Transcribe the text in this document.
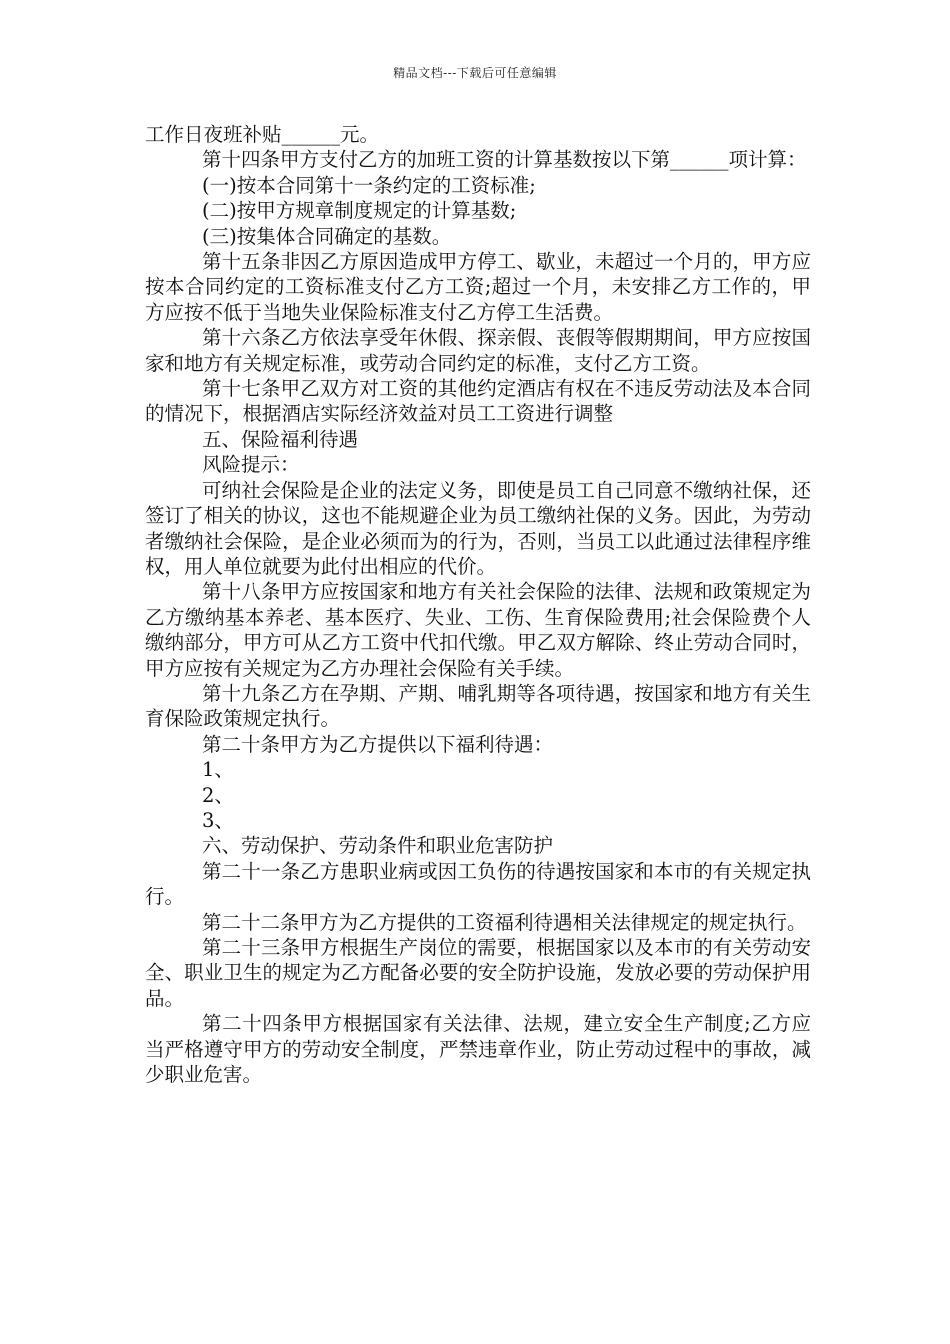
精品文档---下载后可任意编辑

工作日夜班补贴______元。

第十四条甲方支付乙方的加班工资的计算基数按以下第______项计算：

(一)按本合同第十一条约定的工资标准;

(二)按甲方规章制度规定的计算基数;

(三)按集体合同确定的基数。

第十五条非因乙方原因造成甲方停工、歇业，未超过一个月的，甲方应按本合同约定的工资标准支付乙方工资;超过一个月，未安排乙方工作的，甲方应按不低于当地失业保险标准支付乙方停工生活费。

第十六条乙方依法享受年休假、探亲假、丧假等假期期间，甲方应按国家和地方有关规定标准，或劳动合同约定的标准，支付乙方工资。

第十七条甲乙双方对工资的其他约定酒店有权在不违反劳动法及本合同的情况下，根据酒店实际经济效益对员工工资进行调整

五、保险福利待遇

风险提示：

可纳社会保险是企业的法定义务，即使是员工自己同意不缴纳社保，还签订了相关的协议，这也不能规避企业为员工缴纳社保的义务。因此，为劳动者缴纳社会保险，是企业必须而为的行为，否则，当员工以此通过法律程序维权，用人单位就要为此付出相应的代价。

第十八条甲方应按国家和地方有关社会保险的法律、法规和政策规定为乙方缴纳基本养老、基本医疗、失业、工伤、生育保险费用;社会保险费个人缴纳部分，甲方可从乙方工资中代扣代缴。甲乙双方解除、终止劳动合同时，甲方应按有关规定为乙方办理社会保险有关手续。

第十九条乙方在孕期、产期、哺乳期等各项待遇，按国家和地方有关生育保险政策规定执行。

第二十条甲方为乙方提供以下福利待遇：

1、

2、

3、

六、劳动保护、劳动条件和职业危害防护

第二十一条乙方患职业病或因工负伤的待遇按国家和本市的有关规定执行。

第二十二条甲方为乙方提供的工资福利待遇相关法律规定的规定执行。

第二十三条甲方根据生产岗位的需要，根据国家以及本市的有关劳动安全、职业卫生的规定为乙方配备必要的安全防护设施，发放必要的劳动保护用品。

第二十四条甲方根据国家有关法律、法规，建立安全生产制度;乙方应当严格遵守甲方的劳动安全制度，严禁违章作业，防止劳动过程中的事故，减少职业危害。
